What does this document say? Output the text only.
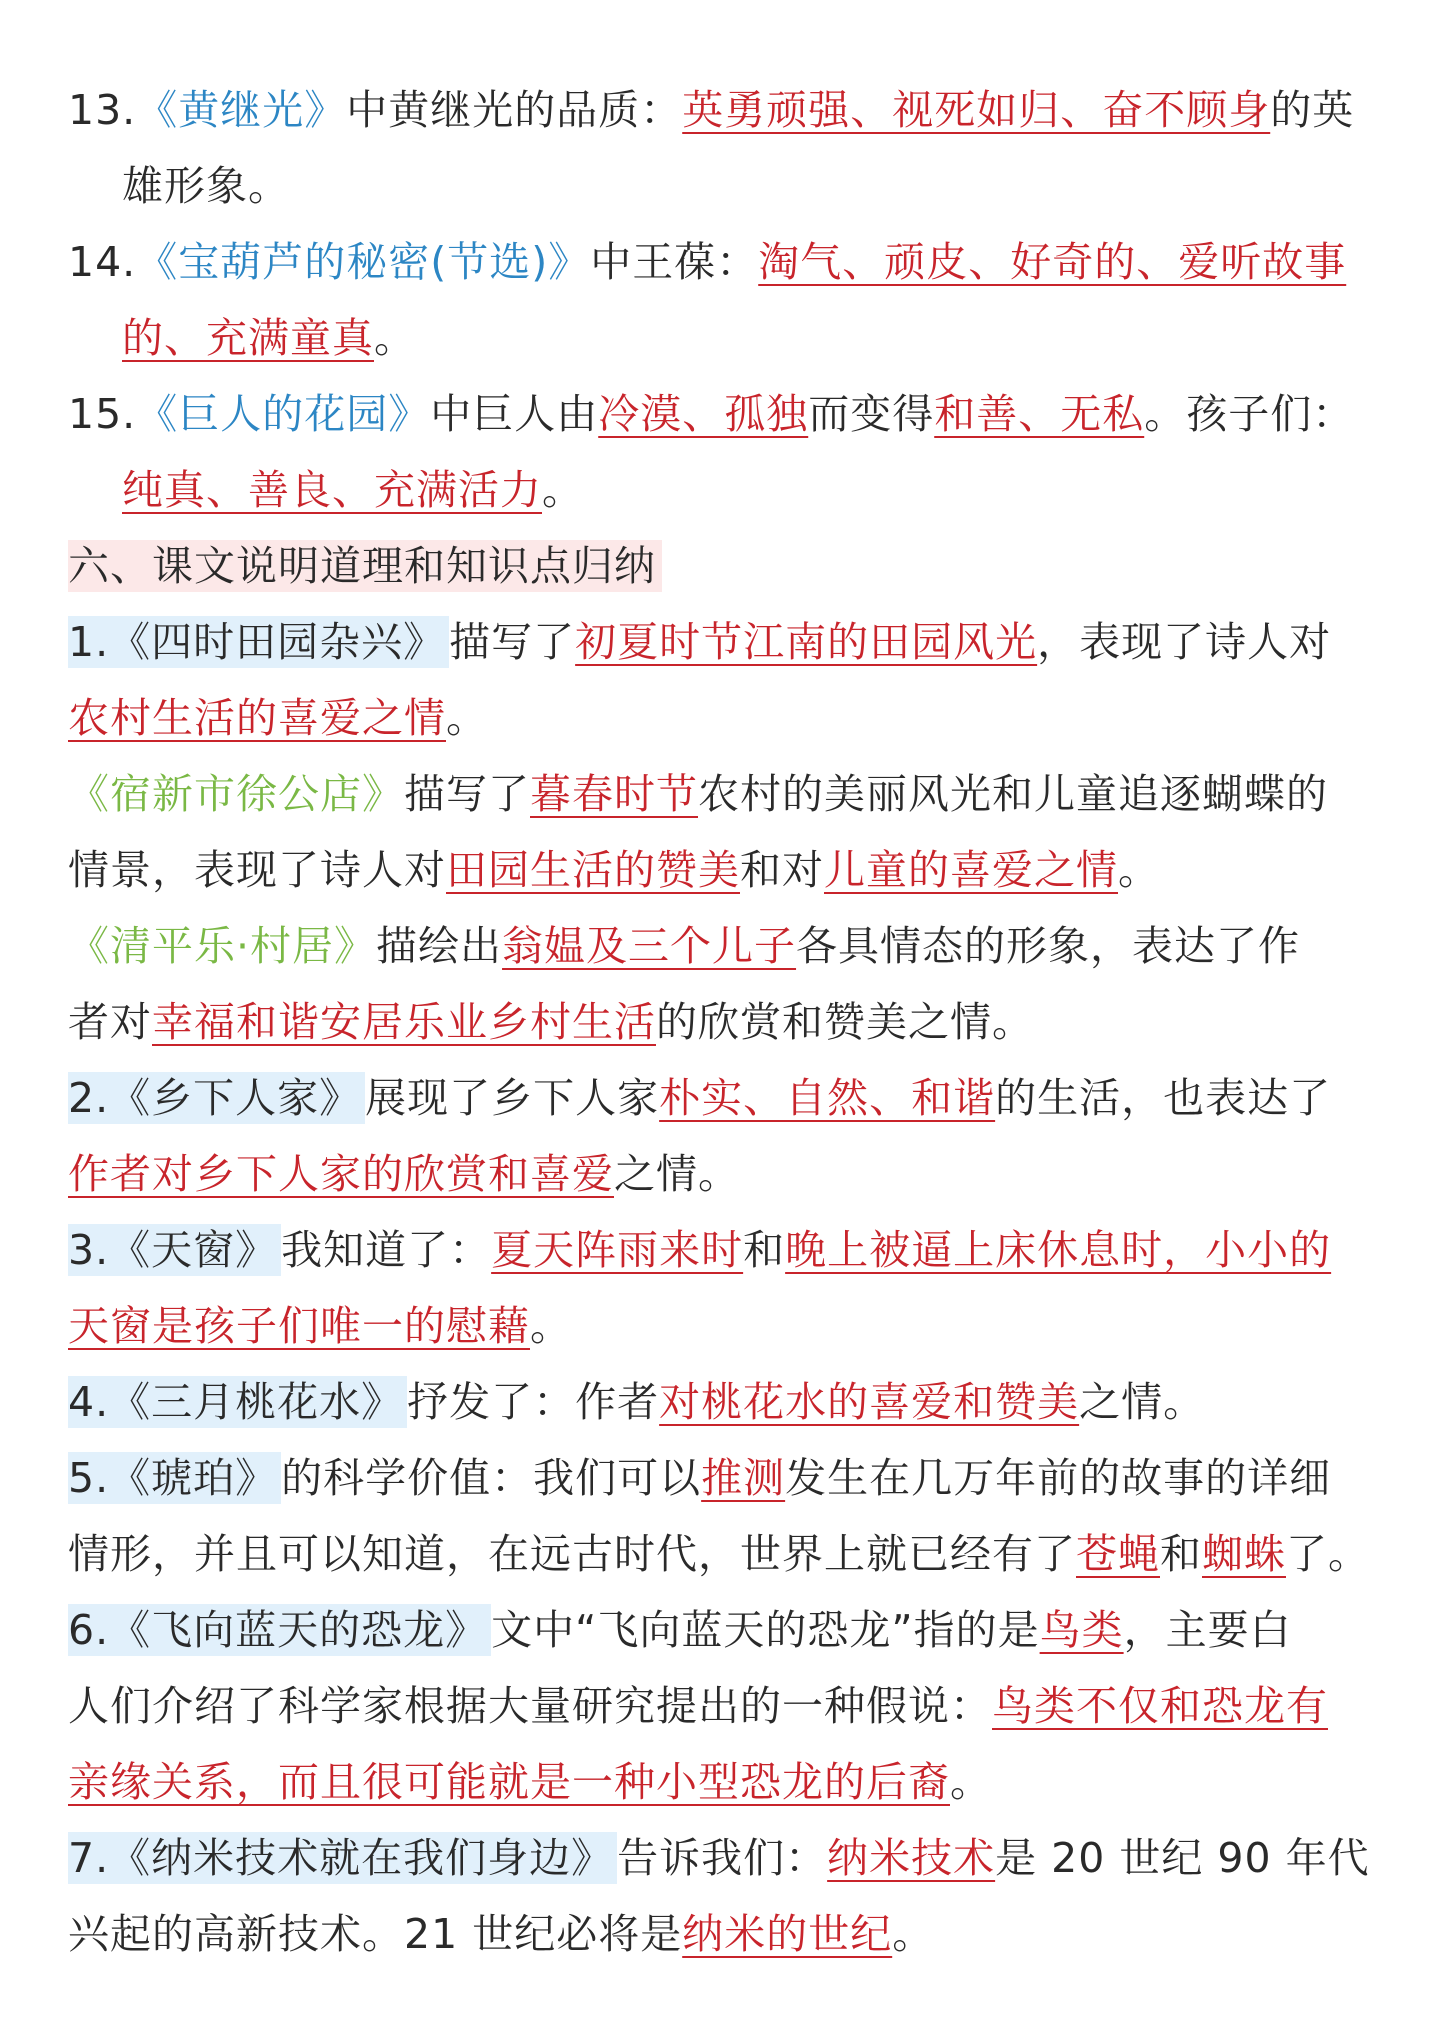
13.《黄继光》中黄继光的品质：英勇顽强、视死如归、奋不顾身的英
雄形象。
14.《宝葫芦的秘密(节选)》中王葆：淘气、顽皮、好奇的、爱听故事
的、充满童真。
15.《巨人的花园》中巨人由冷漠、孤独而变得和善、无私。孩子们：
纯真、善良、充满活力。
六、课文说明道理和知识点归纳
1.《四时田园杂兴》描写了初夏时节江南的田园风光，表现了诗人对
农村生活的喜爱之情。
《宿新市徐公店》描写了暮春时节农村的美丽风光和儿童追逐蝴蝶的
情景，表现了诗人对田园生活的赞美和对儿童的喜爱之情。
《清平乐·村居》描绘出翁媪及三个儿子各具情态的形象，表达了作
者对幸福和谐安居乐业乡村生活的欣赏和赞美之情。
2.《乡下人家》展现了乡下人家朴实、自然、和谐的生活，也表达了
作者对乡下人家的欣赏和喜爱之情。
3.《天窗》我知道了：夏天阵雨来时和晚上被逼上床休息时，小小的
天窗是孩子们唯一的慰藉。
4.《三月桃花水》抒发了：作者对桃花水的喜爱和赞美之情。
5.《琥珀》的科学价值：我们可以推测发生在几万年前的故事的详细
情形，并且可以知道，在远古时代，世界上就已经有了苍蝇和蜘蛛了。
6.《飞向蓝天的恐龙》文中“飞向蓝天的恐龙”指的是鸟类，主要白
人们介绍了科学家根据大量研究提出的一种假说：鸟类不仅和恐龙有
亲缘关系，而且很可能就是一种小型恐龙的后裔。
7.《纳米技术就在我们身边》告诉我们：纳米技术是 20 世纪 90 年代
兴起的高新技术。21 世纪必将是纳米的世纪。
